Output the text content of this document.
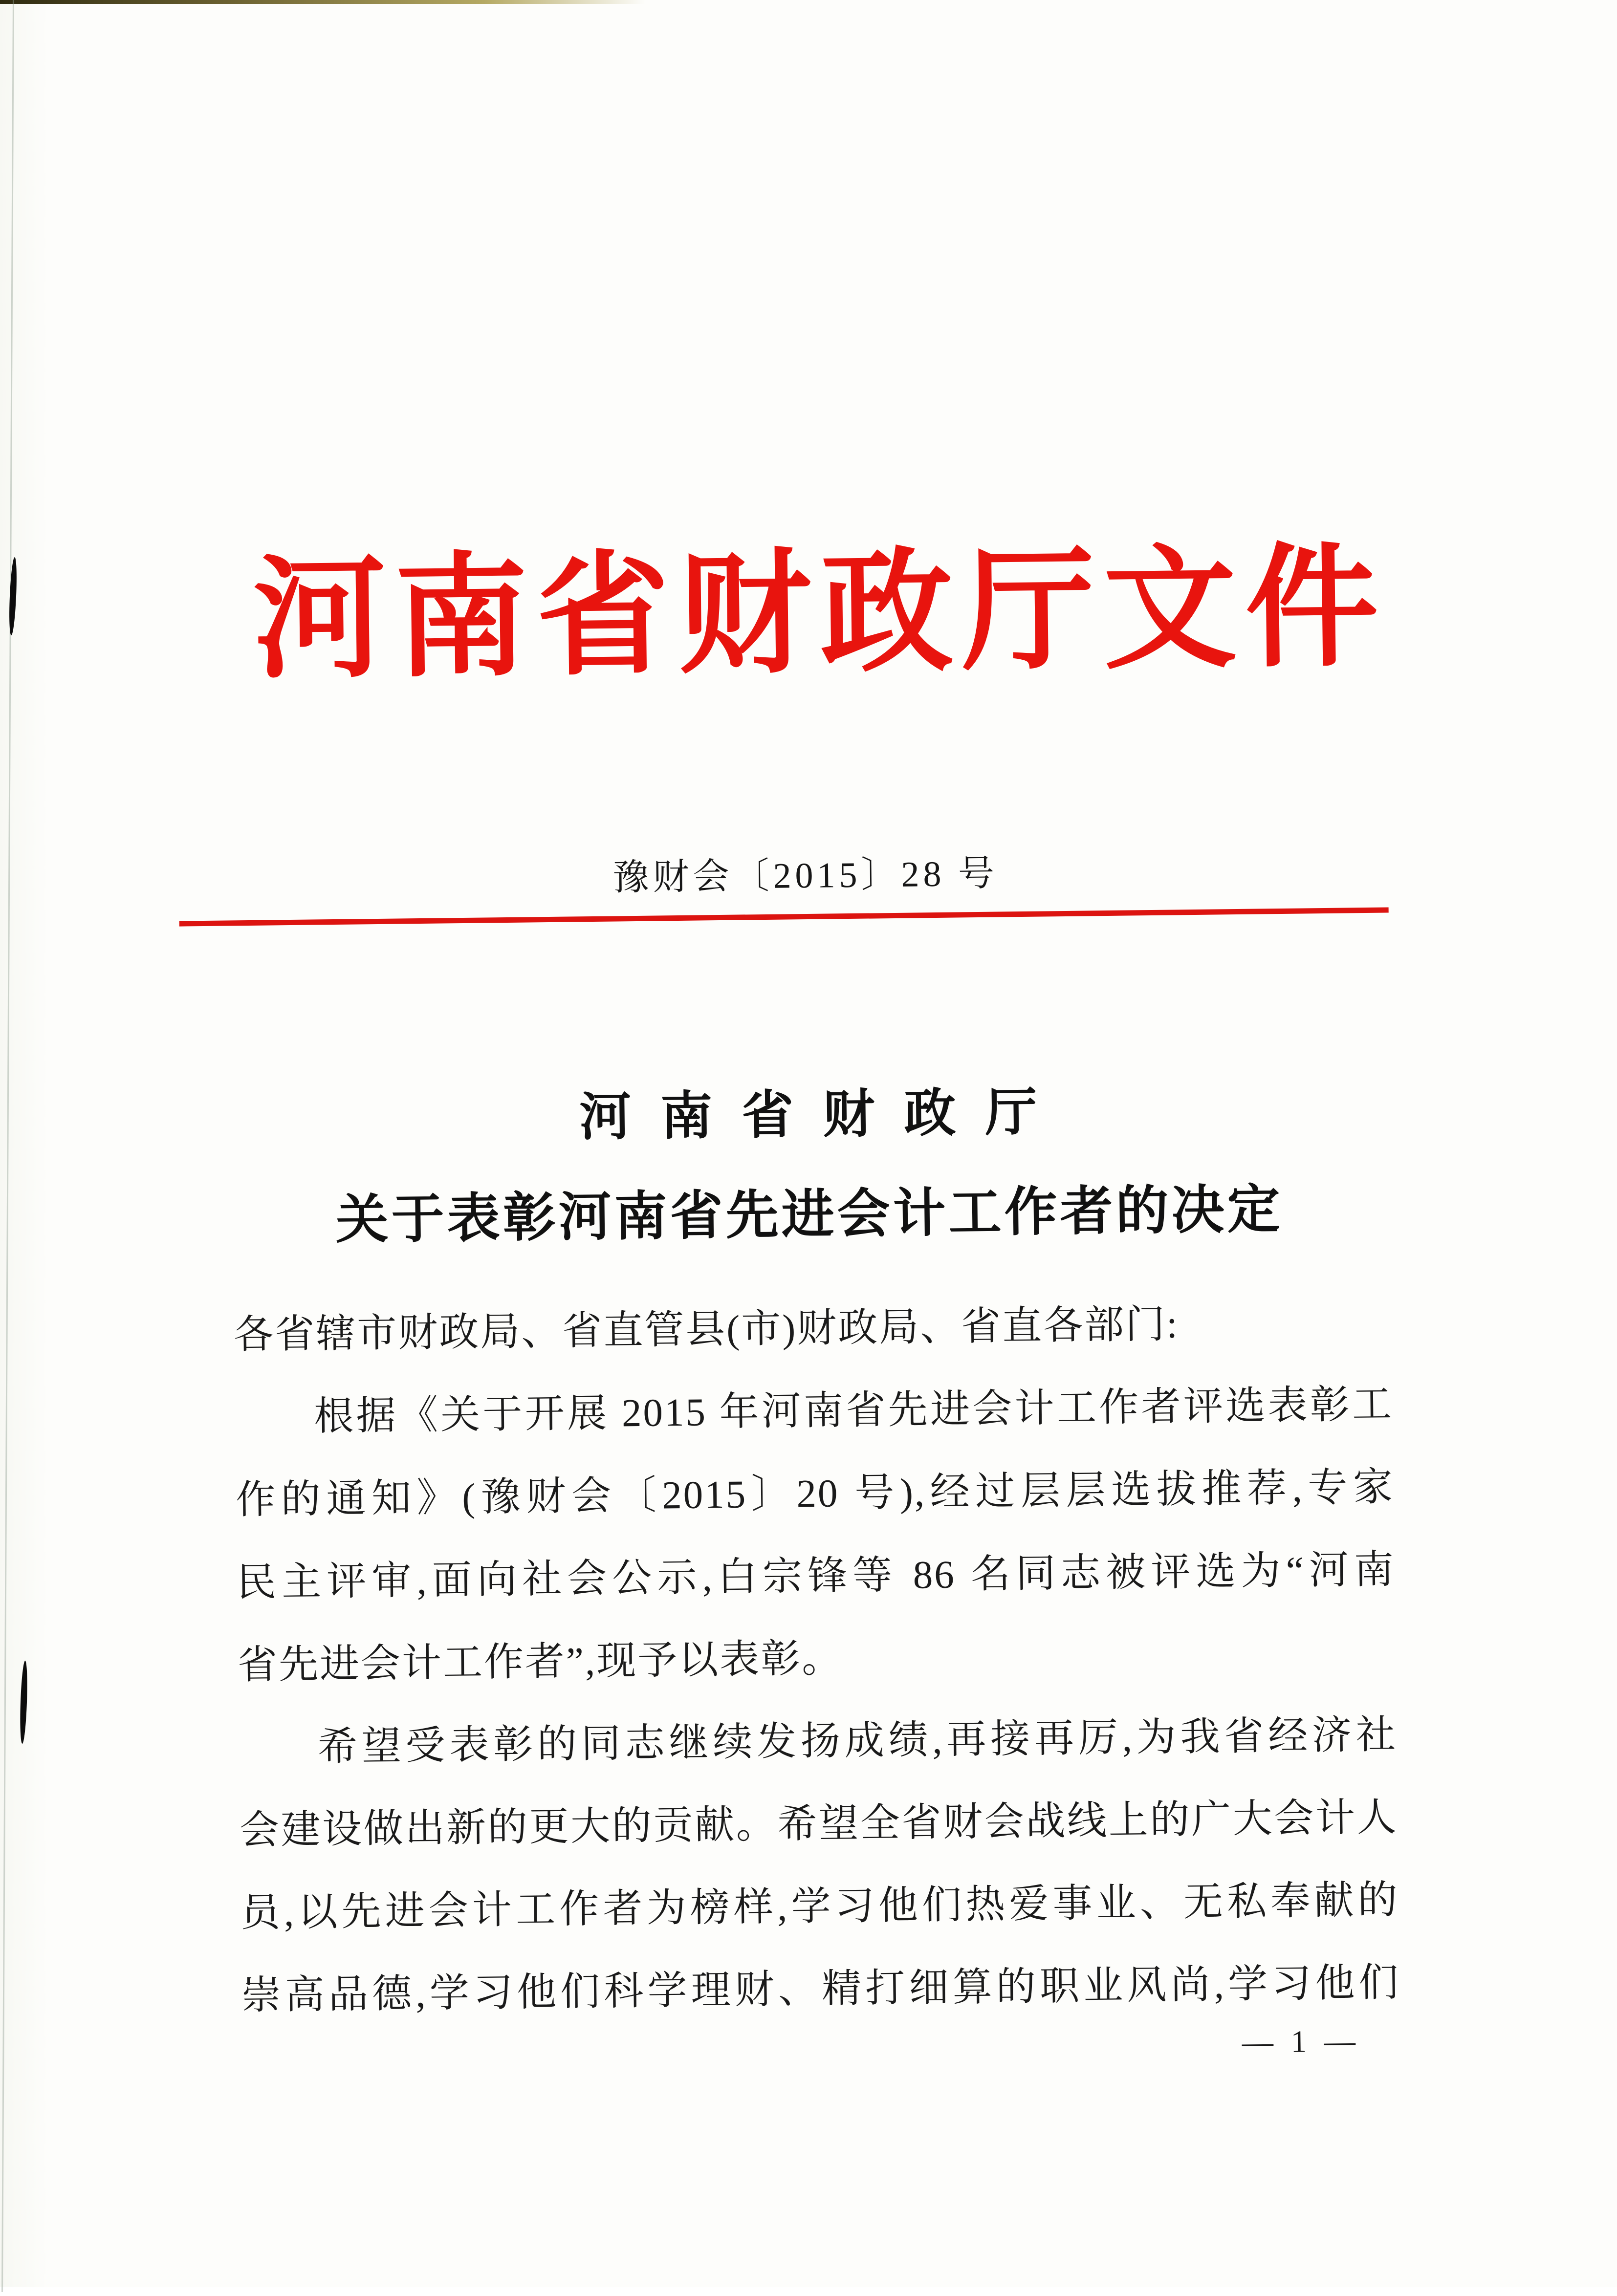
河南省财政厅文件
豫财会〔2015〕28 号
河南省财政厅
关于表彰河南省先进会计工作者的决定
各省辖市财政局、省直管县(市)财政局、省直各部门:
根据《关于开展 2015 年河南省先进会计工作者评选表彰工
作的通知》(豫财会〔2015〕20 号),经过层层选拔推荐,专家
民主评审,面向社会公示,白宗锋等 86 名同志被评选为“河南
省先进会计工作者”,现予以表彰。
希望受表彰的同志继续发扬成绩,再接再厉,为我省经济社
会建设做出新的更大的贡献。希望全省财会战线上的广大会计人
员,以先进会计工作者为榜样,学习他们热爱事业、无私奉献的
崇高品德,学习他们科学理财、精打细算的职业风尚,学习他们
— 1 —
